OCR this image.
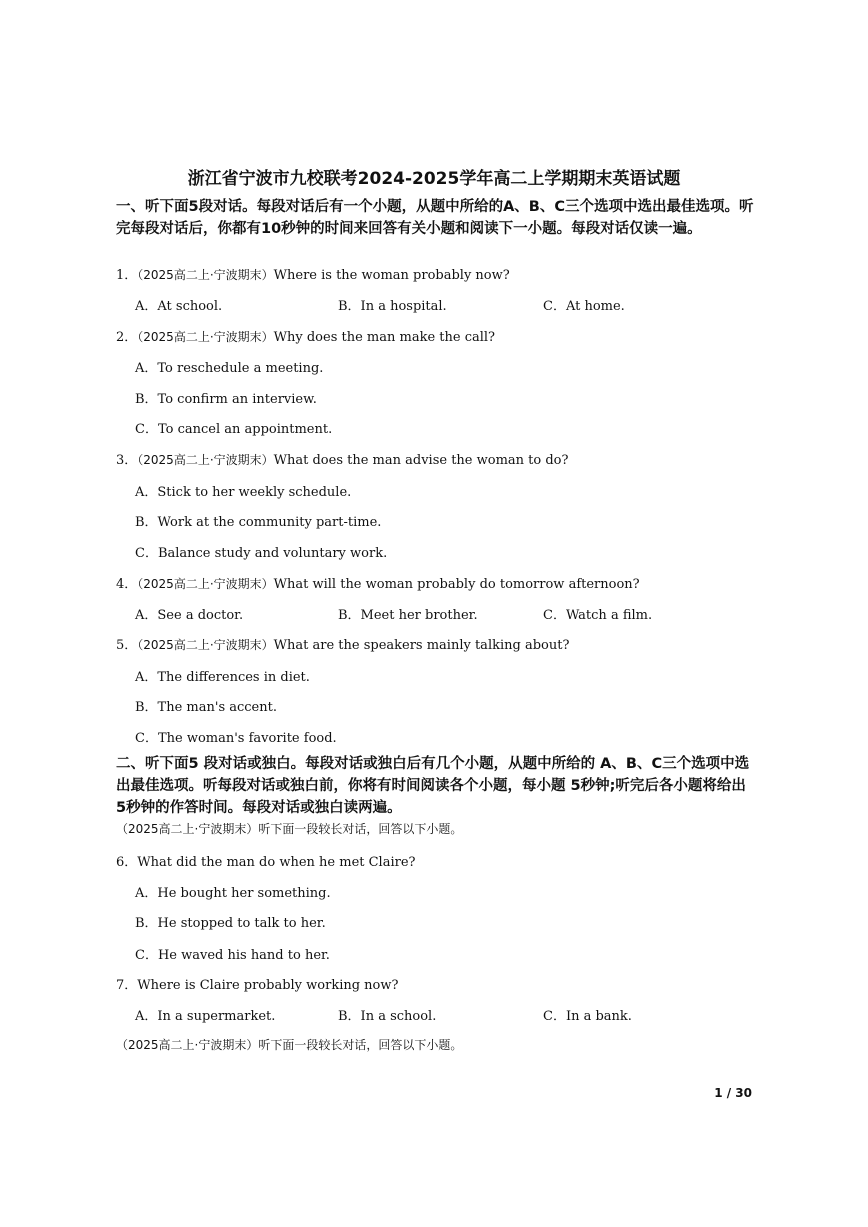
浙江省宁波市九校联考2024-2025学年高二上学期期末英语试题
一、听下面5段对话。每段对话后有一个小题，从题中所给的A、B、C三个选项中选出最佳选项。听完每段对话后，你都有10秒钟的时间来回答有关小题和阅读下一小题。每段对话仅读一遍。
1．（2025高二上·宁波期末）Where is the woman probably now?
A．At school.	B．In a hospital.	C．At home.
2．（2025高二上·宁波期末）Why does the man make the call?
A．To reschedule a meeting.
B．To confirm an interview.
C．To cancel an appointment.
3．（2025高二上·宁波期末）What does the man advise the woman to do?
A．Stick to her weekly schedule.
B．Work at the community part-time.
C．Balance study and voluntary work.
4．（2025高二上·宁波期末）What will the woman probably do tomorrow afternoon?
A．See a doctor.	B．Meet her brother.	C．Watch a film.
5．（2025高二上·宁波期末）What are the speakers mainly talking about?
A．The differences in diet.
B．The man's accent.
C．The woman's favorite food.
二、听下面5 段对话或独白。每段对话或独白后有几个小题，从题中所给的 A、B、C三个选项中选出最佳选项。听每段对话或独白前，你将有时间阅读各个小题，每小题 5秒钟;听完后各小题将给出5秒钟的作答时间。每段对话或独白读两遍。
（2025高二上·宁波期末）听下面一段较长对话，回答以下小题。
6．What did the man do when he met Claire?
A．He bought her something.
B．He stopped to talk to her.
C．He waved his hand to her.
7．Where is Claire probably working now?
A．In a supermarket.	B．In a school.	C．In a bank.
（2025高二上·宁波期末）听下面一段较长对话，回答以下小题。
1 / 30
